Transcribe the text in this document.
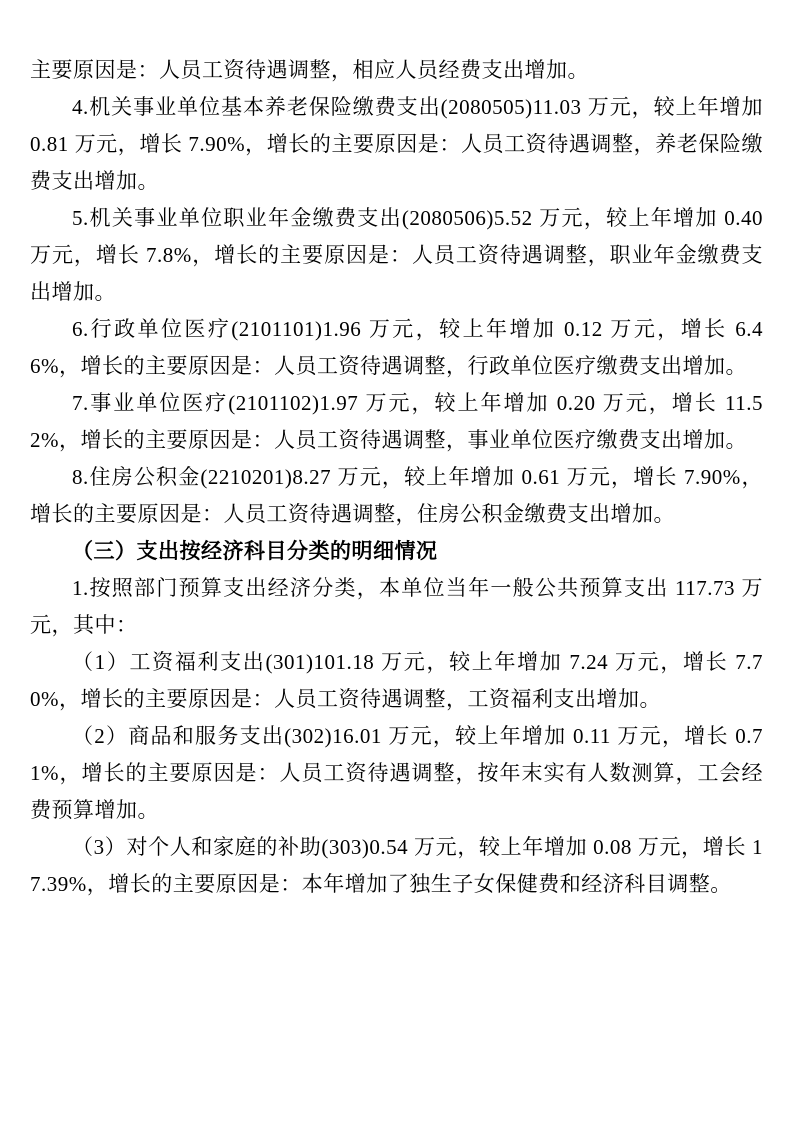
主要原因是：人员工资待遇调整，相应人员经费支出增加。

4.机关事业单位基本养老保险缴费支出(2080505)11.03 万元，较上年增加 0.81 万元，增长 7.90%，增长的主要原因是：人员工资待遇调整，养老保险缴费支出增加。

5.机关事业单位职业年金缴费支出(2080506)5.52 万元，较上年增加 0.40 万元，增长 7.8%，增长的主要原因是：人员工资待遇调整，职业年金缴费支出增加。

6.行政单位医疗(2101101)1.96 万元，较上年增加 0.12 万元，增长 6.46%，增长的主要原因是：人员工资待遇调整，行政单位医疗缴费支出增加。

7.事业单位医疗(2101102)1.97 万元，较上年增加 0.20 万元，增长 11.52%，增长的主要原因是：人员工资待遇调整，事业单位医疗缴费支出增加。

8.住房公积金(2210201)8.27 万元，较上年增加 0.61 万元，增长 7.90%，增长的主要原因是：人员工资待遇调整，住房公积金缴费支出增加。

（三）支出按经济科目分类的明细情况

1.按照部门预算支出经济分类，本单位当年一般公共预算支出 117.73 万元，其中：

（1）工资福利支出(301)101.18 万元，较上年增加 7.24 万元，增长 7.70%，增长的主要原因是：人员工资待遇调整，工资福利支出增加。

（2）商品和服务支出(302)16.01 万元，较上年增加 0.11 万元，增长 0.71%，增长的主要原因是：人员工资待遇调整，按年末实有人数测算，工会经费预算增加。

（3）对个人和家庭的补助(303)0.54 万元，较上年增加 0.08 万元，增长 17.39%，增长的主要原因是：本年增加了独生子女保健费和经济科目调整。
